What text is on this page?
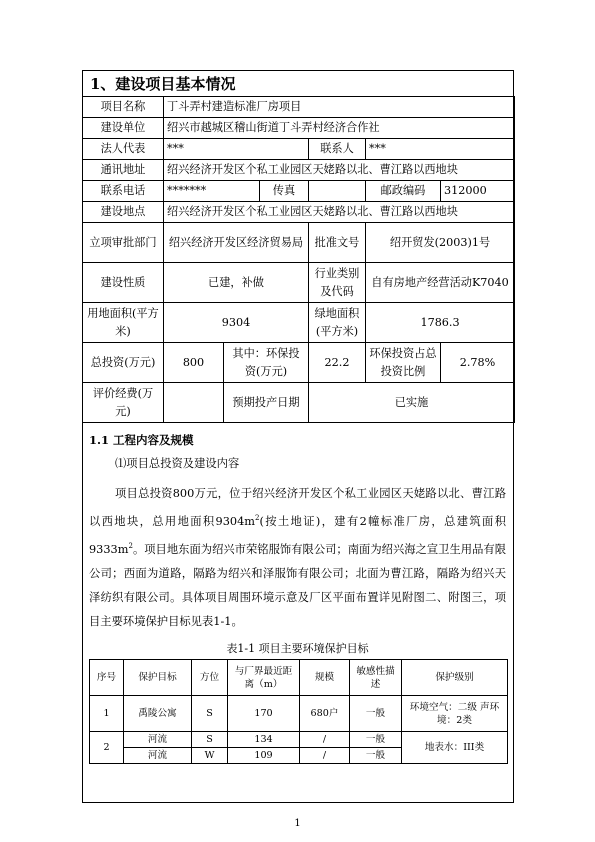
1、建设项目基本情况
项目名称	丁斗弄村建造标准厂房项目					
建设单位	绍兴市越城区稽山街道丁斗弄村经济合作社					
法人代表	***			联系人	***	
通讯地址	绍兴经济开发区个私工业园区天姥路以北、曹江路以西地块					
联系电话	*******		传真		邮政编码	312000
建设地点	绍兴经济开发区个私工业园区天姥路以北、曹江路以西地块					
立项审批部门	绍兴经济开发区经济贸易局			批准文号	绍开贸发(2003)1号	
建设性质	已建，补做			行业类别及代码	自有房地产经营活动K7040	
用地面积(平方米)	9304			绿地面积(平方米)	1786.3	
总投资(万元)	800	其中：环保投资(万元)		22.2	环保投资占总投资比例	2.78%
评价经费(万元)		预期投产日期		已实施		
1.1 工程内容及规模
⑴项目总投资及建设内容
项目总投资800万元，位于绍兴经济开发区个私工业园区天姥路以北、曹江路以西地块，总用地面积$9304m^2$(按土地证)，建有2幢标准厂房，总建筑面积$9333m^2$。项目地东面为绍兴市荣铭服饰有限公司；南面为绍兴海之宣卫生用品有限公司；西面为道路，隔路为绍兴和泽服饰有限公司；北面为曹江路，隔路为绍兴天泽纺织有限公司。具体项目周围环境示意及厂区平面布置详见附图二、附图三，项目主要环境保护目标见表1-1。
表1-1 项目主要环境保护目标
序号	保护目标	方位	与厂界最近距离（m）	规模	敏感性描述	保护级别
1	禹陵公寓	S	170	680户	一般	环境空气：二级 声环境：2类
2	河流	S	134	/	一般	地表水：III类
	河流	W	109	/	一般	
1
